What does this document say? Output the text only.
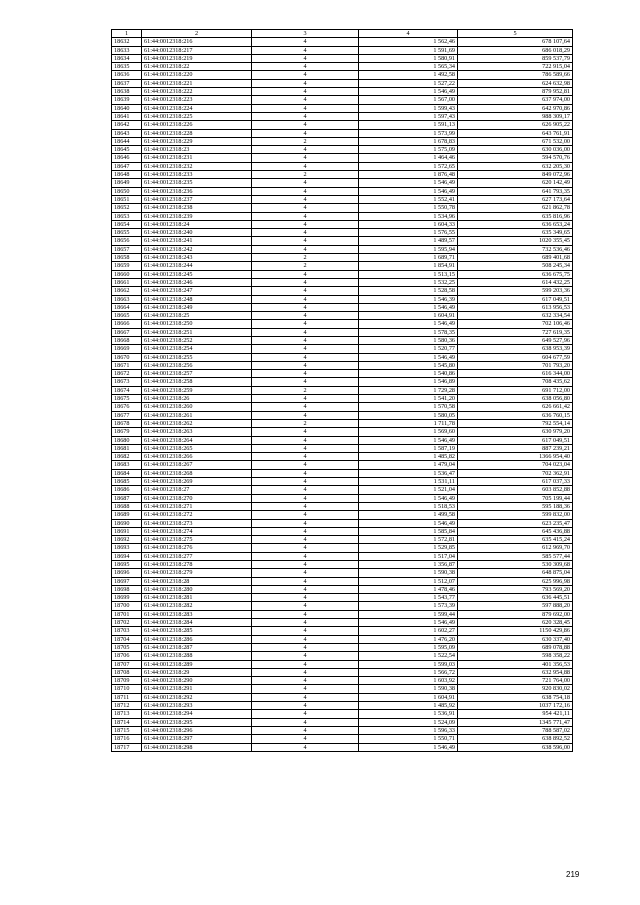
1	2	3	4	5
18632	61:44:0012318:216	4	1 562,46	678 107,64
18633	61:44:0012318:217	4	1 591,69	686 018,29
18634	61:44:0012318:219	4	1 580,91	859 537,79
18635	61:44:0012318:22	4	1 565,34	722 915,04
18636	61:44:0012318:220	4	1 492,58	786 589,66
18637	61:44:0012318:221	4	1 527,22	624 632,98
18638	61:44:0012318:222	4	1 546,49	879 952,81
18639	61:44:0012318:223	4	1 567,00	637 974,00
18640	61:44:0012318:224	4	1 599,43	642 970,86
18641	61:44:0012318:225	4	1 597,43	988 309,17
18642	61:44:0012318:226	4	1 591,13	626 905,22
18643	61:44:0012318:228	4	1 573,99	643 761,91
18644	61:44:0012318:229	2	1 678,83	671 532,00
18645	61:44:0012318:23	4	1 575,09	630 036,00
18646	61:44:0012318:231	4	1 464,46	594 570,76
18647	61:44:0012318:232	4	1 572,65	632 205,30
18648	61:44:0012318:233	2	1 876,48	849 072,96
18649	61:44:0012318:235	4	1 546,49	620 142,49
18650	61:44:0012318:236	4	1 546,49	641 793,35
18651	61:44:0012318:237	4	1 552,41	627 173,64
18652	61:44:0012318:238	4	1 550,78	621 862,78
18653	61:44:0012318:239	4	1 534,96	635 816,96
18654	61:44:0012318:24	4	1 604,33	636 653,24
18655	61:44:0012318:240	4	1 576,55	635 349,65
18656	61:44:0012318:241	4	1 489,57	1020 355,45
18657	61:44:0012318:242	4	1 595,94	732 536,46
18658	61:44:0012318:243	2	1 689,71	689 401,68
18659	61:44:0012318:244	2	1 854,91	508 245,34
18660	61:44:0012318:245	4	1 513,15	636 675,75
18661	61:44:0012318:246	4	1 532,25	614 432,25
18662	61:44:0012318:247	4	1 528,58	599 203,36
18663	61:44:0012318:248	4	1 546,39	617 049,51
18664	61:44:0012318:249	4	1 546,49	613 956,53
18665	61:44:0012318:25	4	1 604,91	632 334,54
18666	61:44:0012318:250	4	1 546,49	702 106,46
18667	61:44:0012318:251	4	1 578,35	727 619,35
18668	61:44:0012318:252	4	1 580,36	649 527,96
18669	61:44:0012318:254	4	1 520,77	638 953,39
18670	61:44:0012318:255	4	1 546,49	604 677,59
18671	61:44:0012318:256	4	1 545,80	701 793,20
18672	61:44:0012318:257	4	1 540,86	616 344,00
18673	61:44:0012318:258	4	1 546,89	708 435,62
18674	61:44:0012318:259	2	1 729,28	691 712,00
18675	61:44:0012318:26	4	1 541,20	638 056,80
18676	61:44:0012318:260	4	1 570,58	626 661,42
18677	61:44:0012318:261	4	1 580,05	636 760,15
18678	61:44:0012318:262	2	1 711,78	792 554,14
18679	61:44:0012318:263	4	1 569,60	630 979,20
18680	61:44:0012318:264	4	1 546,49	617 049,51
18681	61:44:0012318:265	4	1 587,19	887 239,21
18682	61:44:0012318:266	4	1 485,82	1366 954,40
18683	61:44:0012318:267	4	1 479,04	704 023,04
18684	61:44:0012318:268	4	1 536,47	702 362,91
18685	61:44:0012318:269	4	1 531,11	617 037,33
18686	61:44:0012318:27	4	1 521,04	603 852,88
18687	61:44:0012318:270	4	1 546,49	705 199,44
18688	61:44:0012318:271	4	1 518,53	595 188,36
18689	61:44:0012318:272	4	1 499,58	599 832,00
18690	61:44:0012318:273	4	1 546,49	623 235,47
18691	61:44:0012318:274	4	1 585,84	645 436,88
18692	61:44:0012318:275	4	1 572,81	635 415,24
18693	61:44:0012318:276	4	1 529,85	612 969,70
18694	61:44:0012318:277	4	1 517,04	585 577,44
18695	61:44:0012318:278	4	1 356,87	530 309,68
18696	61:44:0012318:279	4	1 590,38	648 875,04
18697	61:44:0012318:28	4	1 512,07	625 996,98
18698	61:44:0012318:280	4	1 478,46	793 569,20
18699	61:44:0012318:281	4	1 543,77	636 445,51
18700	61:44:0012318:282	4	1 573,39	597 888,20
18701	61:44:0012318:283	4	1 599,44	879 692,00
18702	61:44:0012318:284	4	1 546,49	620 328,45
18703	61:44:0012318:285	4	1 602,27	1150 429,86
18704	61:44:0012318:286	4	1 476,20	630 337,40
18705	61:44:0012318:287	4	1 595,09	689 078,88
18706	61:44:0012318:288	4	1 522,54	598 358,22
18707	61:44:0012318:289	4	1 599,03	401 356,53
18708	61:44:0012318:29	4	1 566,72	632 954,88
18709	61:44:0012318:290	4	1 603,92	721 764,00
18710	61:44:0012318:291	4	1 590,38	920 830,02
18711	61:44:0012318:292	4	1 604,91	638 754,18
18712	61:44:0012318:293	4	1 485,92	1037 172,16
18713	61:44:0012318:294	4	1 536,91	954 421,11
18714	61:44:0012318:295	4	1 524,09	1345 771,47
18715	61:44:0012318:296	4	1 596,33	788 587,02
18716	61:44:0012318:297	4	1 550,71	638 892,52
18717	61:44:0012318:298	4	1 546,49	638 596,00
219
